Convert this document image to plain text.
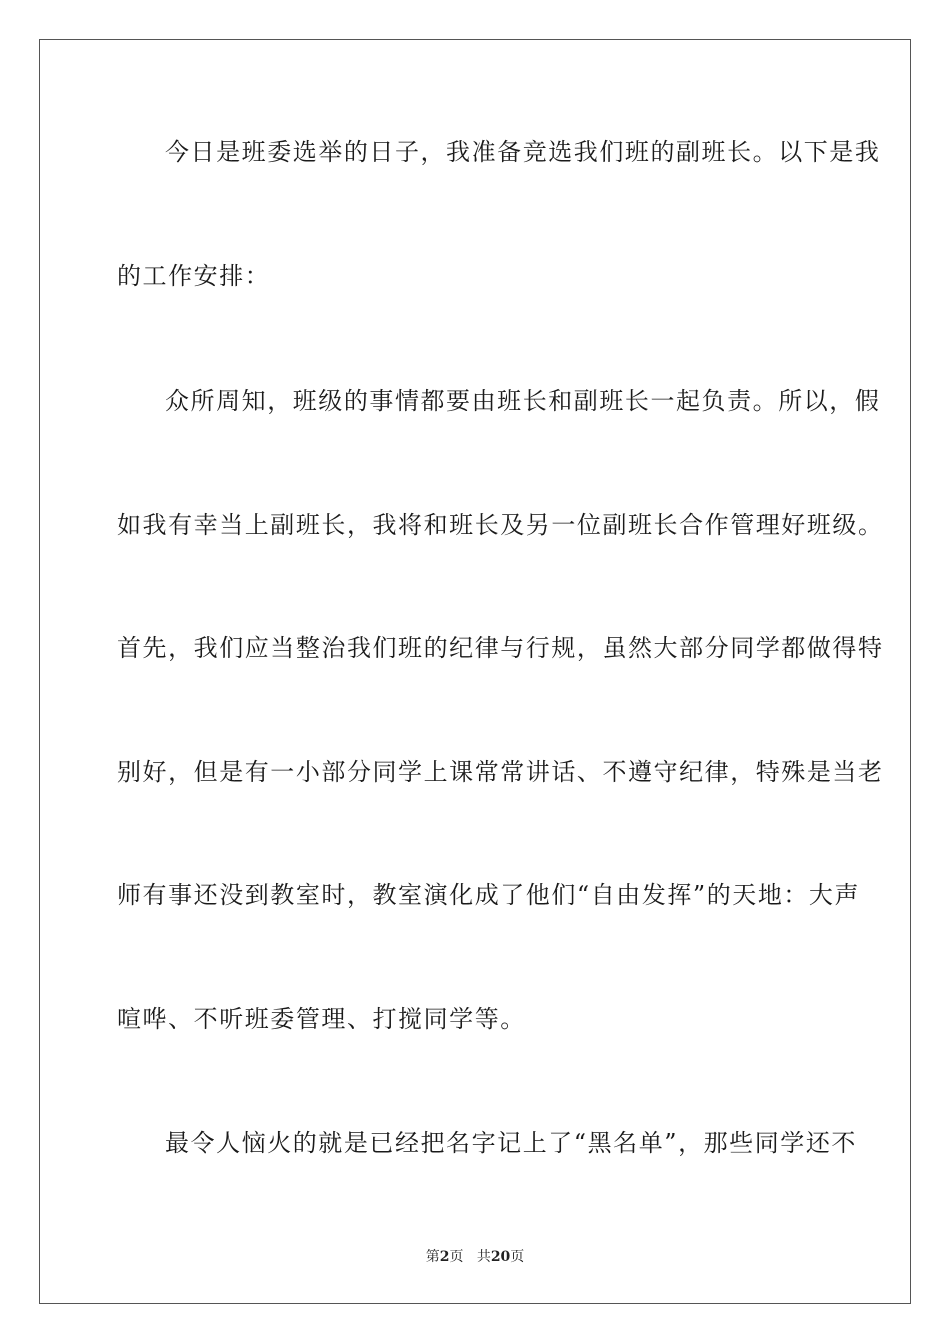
今日是班委选举的日子，我准备竞选我们班的副班长。以下是我
的工作安排：
众所周知，班级的事情都要由班长和副班长一起负责。所以，假
如我有幸当上副班长，我将和班长及另一位副班长合作管理好班级。
首先，我们应当整治我们班的纪律与行规，虽然大部分同学都做得特
别好，但是有一小部分同学上课常常讲话、不遵守纪律，特殊是当老
师有事还没到教室时，教室演化成了他们“自由发挥”的天地：大声
喧哗、不听班委管理、打搅同学等。
最令人恼火的就是已经把名字记上了“黑名单”，那些同学还不
第2页 共20页
